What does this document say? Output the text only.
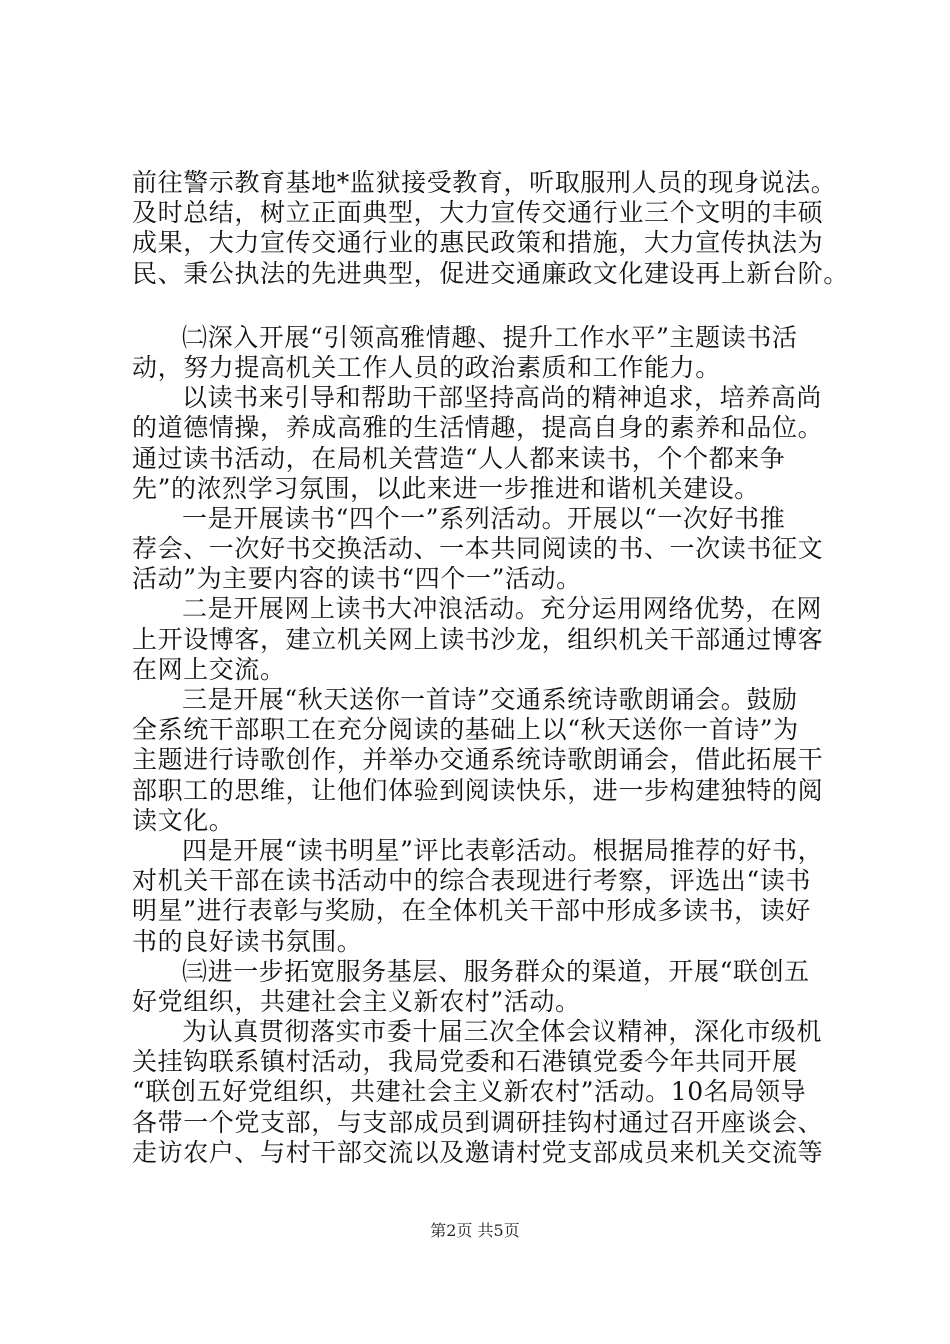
前往警示教育基地*监狱接受教育，听取服刑人员的现身说法。
及时总结，树立正面典型，大力宣传交通行业三个文明的丰硕
成果，大力宣传交通行业的惠民政策和措施，大力宣传执法为
民、秉公执法的先进典型，促进交通廉政文化建设再上新台阶。
㈡深入开展“引领高雅情趣、提升工作水平”主题读书活
动，努力提高机关工作人员的政治素质和工作能力。
以读书来引导和帮助干部坚持高尚的精神追求，培养高尚
的道德情操，养成高雅的生活情趣，提高自身的素养和品位。
通过读书活动，在局机关营造“人人都来读书，个个都来争
先”的浓烈学习氛围，以此来进一步推进和谐机关建设。
一是开展读书“四个一”系列活动。开展以“一次好书推
荐会、一次好书交换活动、一本共同阅读的书、一次读书征文
活动”为主要内容的读书“四个一”活动。
二是开展网上读书大冲浪活动。充分运用网络优势，在网
上开设博客，建立机关网上读书沙龙，组织机关干部通过博客
在网上交流。
三是开展“秋天送你一首诗”交通系统诗歌朗诵会。鼓励
全系统干部职工在充分阅读的基础上以“秋天送你一首诗”为
主题进行诗歌创作，并举办交通系统诗歌朗诵会，借此拓展干
部职工的思维，让他们体验到阅读快乐，进一步构建独特的阅
读文化。
四是开展“读书明星”评比表彰活动。根据局推荐的好书，
对机关干部在读书活动中的综合表现进行考察，评选出“读书
明星”进行表彰与奖励，在全体机关干部中形成多读书，读好
书的良好读书氛围。
㈢进一步拓宽服务基层、服务群众的渠道，开展“联创五
好党组织，共建社会主义新农村”活动。
为认真贯彻落实市委十届三次全体会议精神，深化市级机
关挂钩联系镇村活动，我局党委和石港镇党委今年共同开展
“联创五好党组织，共建社会主义新农村”活动。10名局领导
各带一个党支部，与支部成员到调研挂钩村通过召开座谈会、
走访农户、与村干部交流以及邀请村党支部成员来机关交流等
第2页 共5页
